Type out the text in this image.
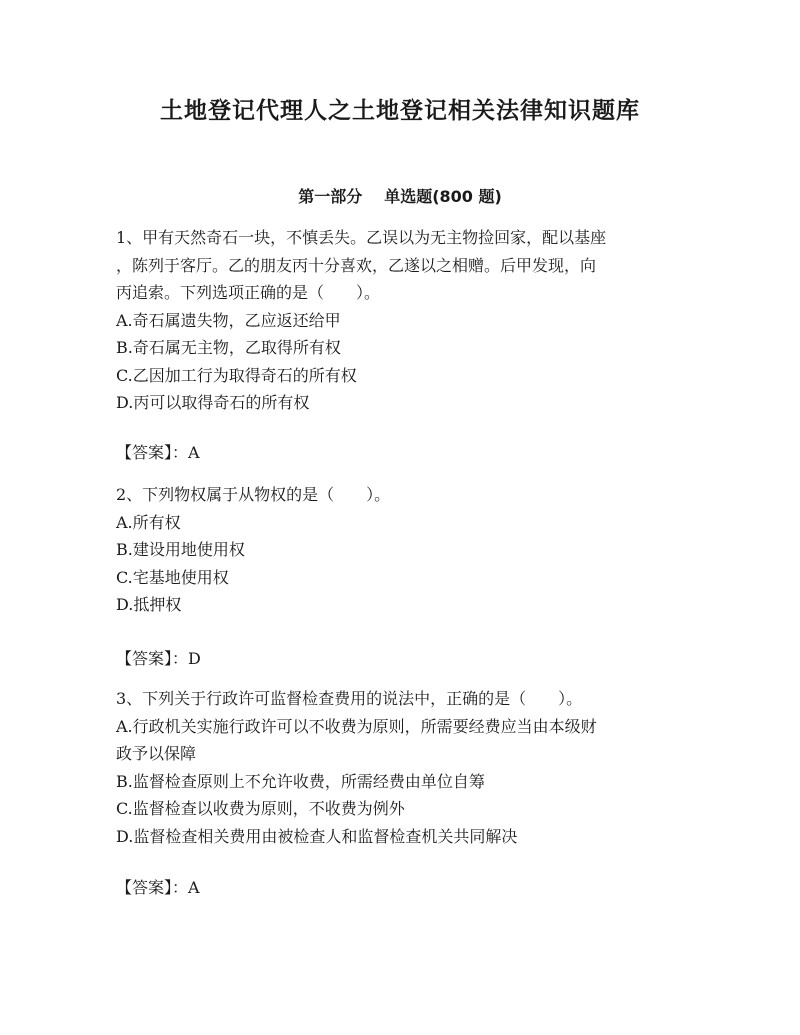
土地登记代理人之土地登记相关法律知识题库
第一部分 单选题(800 题)
1、甲有天然奇石一块，不慎丢失。乙误以为无主物捡回家，配以基座
，陈列于客厅。乙的朋友丙十分喜欢，乙遂以之相赠。后甲发现，向
丙追索。下列选项正确的是（　　）。
A.奇石属遗失物，乙应返还给甲
B.奇石属无主物，乙取得所有权
C.乙因加工行为取得奇石的所有权
D.丙可以取得奇石的所有权
【答案】：A
2、下列物权属于从物权的是（　　）。
A.所有权
B.建设用地使用权
C.宅基地使用权
D.抵押权
【答案】：D
3、下列关于行政许可监督检查费用的说法中，正确的是（　　）。
A.行政机关实施行政许可以不收费为原则，所需要经费应当由本级财
政予以保障
B.监督检查原则上不允许收费，所需经费由单位自筹
C.监督检查以收费为原则，不收费为例外
D.监督检查相关费用由被检查人和监督检查机关共同解决
【答案】：A
